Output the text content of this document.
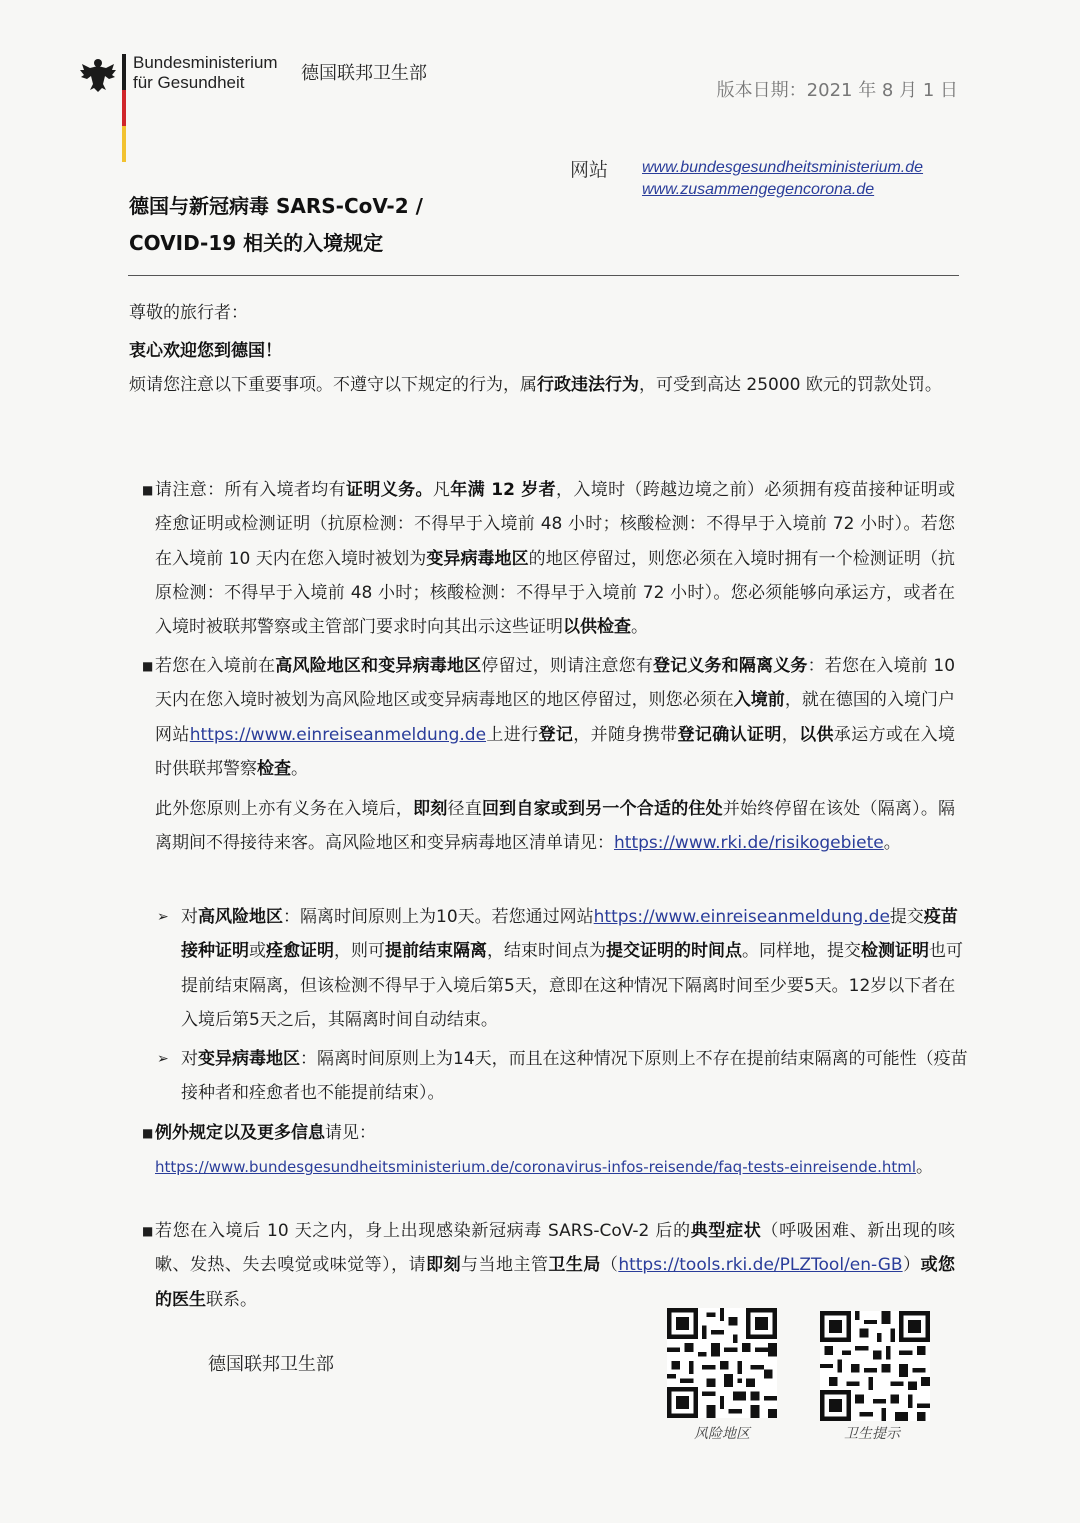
Bundesministerium
für Gesundheit	德国联邦卫生部
版本日期：2021 年 8 月 1 日
网站 www.bundesgesundheitsministerium.de
www.zusammengegencorona.de
德国与新冠病毒 SARS-CoV-2 /
COVID-19 相关的入境规定

尊敬的旅行者：

衷心欢迎您到德国！

烦请您注意以下重要事项。不遵守以下规定的行为，属行政违法行为，可受到高达 25000 欧元的罚款处罚。

■ 请注意：所有入境者均有证明义务。凡年满 12 岁者，入境时（跨越边境之前）必须拥有疫苗接种证明或痊愈证明或检测证明（抗原检测：不得早于入境前 48 小时；核酸检测：不得早于入境前 72 小时）。若您在入境前 10 天内在您入境时被划为变异病毒地区的地区停留过，则您必须在入境时拥有一个检测证明（抗原检测：不得早于入境前 48 小时；核酸检测：不得早于入境前 72 小时）。您必须能够向承运方，或者在入境时被联邦警察或主管部门要求时向其出示这些证明以供检查。
■ 若您在入境前在高风险地区和变异病毒地区停留过，则请注意您有登记义务和隔离义务：若您在入境前 10 天内在您入境时被划为高风险地区或变异病毒地区的地区停留过，则您必须在入境前，就在德国的入境门户网站https://www.einreiseanmeldung.de上进行登记，并随身携带登记确认证明，以供承运方或在入境时供联邦警察检查。
此外您原则上亦有义务在入境后，即刻径直回到自家或到另一个合适的住处并始终停留在该处（隔离）。隔离期间不得接待来客。高风险地区和变异病毒地区清单请见：https://www.rki.de/risikogebiete。
➢ 对高风险地区：隔离时间原则上为10天。若您通过网站https://www.einreiseanmeldung.de提交疫苗接种证明或痊愈证明，则可提前结束隔离，结束时间点为提交证明的时间点。同样地，提交检测证明也可提前结束隔离，但该检测不得早于入境后第5天，意即在这种情况下隔离时间至少要5天。12岁以下者在入境后第5天之后，其隔离时间自动结束。
➢ 对变异病毒地区：隔离时间原则上为14天，而且在这种情况下原则上不存在提前结束隔离的可能性（疫苗接种者和痊愈者也不能提前结束）。
■ 例外规定以及更多信息请见：
https://www.bundesgesundheitsministerium.de/coronavirus-infos-reisende/faq-tests-einreisende.html。
■ 若您在入境后 10 天之内，身上出现感染新冠病毒 SARS-CoV-2 后的典型症状（呼吸困难、新出现的咳嗽、发热、失去嗅觉或味觉等），请即刻与当地主管卫生局（https://tools.rki.de/PLZTool/en-GB）或您的医生联系。
德国联邦卫生部
风险地区	卫生提示
